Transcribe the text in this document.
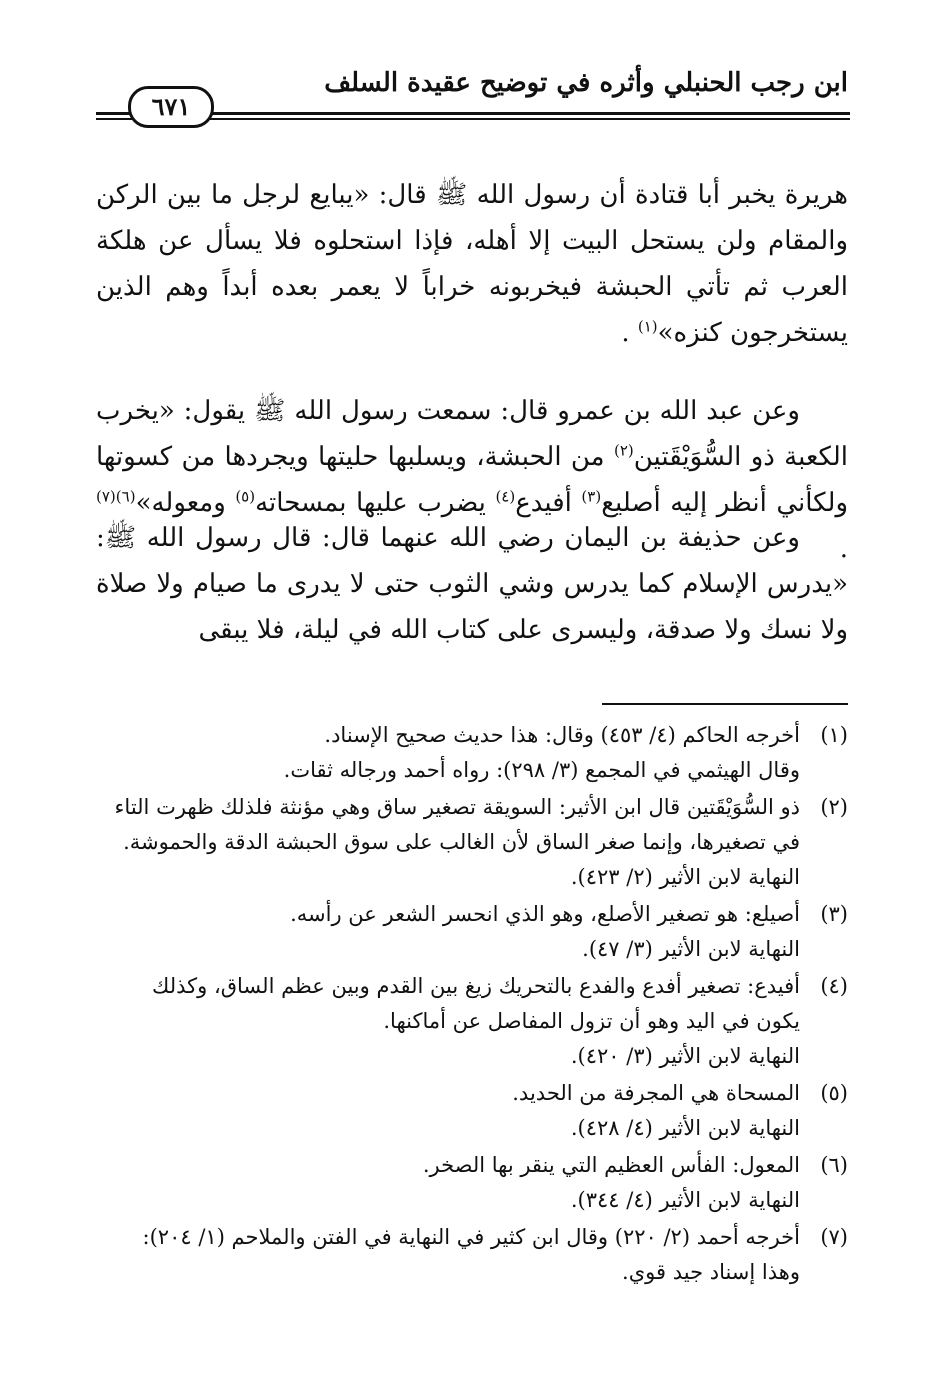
ابن رجب الحنبلي وأثره في توضيح عقيدة السلف
٦٧١
هريرة يخبر أبا قتادة أن رسول الله ﷺ قال: «يبايع لرجل ما بين الركن والمقام ولن يستحل البيت إلا أهله، فإذا استحلوه فلا يسأل عن هلكة العرب ثم تأتي الحبشة فيخربونه خراباً لا يعمر بعده أبداً وهم الذين يستخرجون كنزه»$^{(١)}$ .
وعن عبد الله بن عمرو قال: سمعت رسول الله ﷺ يقول: «يخرب الكعبة ذو السُّوَيْقَتين$^{(٢)}$ من الحبشة، ويسلبها حليتها ويجردها من كسوتها ولكأني أنظر إليه أصليع$^{(٣)}$ أفيدع$^{(٤)}$ يضرب عليها بمسحاته$^{(٥)}$ ومعوله»$^{(٦)(٧)}$ .
وعن حذيفة بن اليمان رضي الله عنهما قال: قال رسول الله ﷺ: «يدرس الإسلام كما يدرس وشي الثوب حتى لا يدرى ما صيام ولا صلاة ولا نسك ولا صدقة، وليسرى على كتاب الله في ليلة، فلا يبقى
(١)
أخرجه الحاكم (٤/ ٤٥٣) وقال: هذا حديث صحيح الإسناد.
وقال الهيثمي في المجمع (٣/ ٢٩٨): رواه أحمد ورجاله ثقات.
(٢)
ذو السُّوَيْقَتين قال ابن الأثير: السويقة تصغير ساق وهي مؤنثة فلذلك ظهرت التاء
في تصغيرها، وإنما صغر الساق لأن الغالب على سوق الحبشة الدقة والحموشة.
النهاية لابن الأثير (٢/ ٤٢٣).
(٣)
أصيلع: هو تصغير الأصلع، وهو الذي انحسر الشعر عن رأسه.
النهاية لابن الأثير (٣/ ٤٧).
(٤)
أفيدع: تصغير أفدع والفدع بالتحريك زيغ بين القدم وبين عظم الساق، وكذلك
يكون في اليد وهو أن تزول المفاصل عن أماكنها.
النهاية لابن الأثير (٣/ ٤٢٠).
(٥)
المسحاة هي المجرفة من الحديد.
النهاية لابن الأثير (٤/ ٤٢٨).
(٦)
المعول: الفأس العظيم التي ينقر بها الصخر.
النهاية لابن الأثير (٤/ ٣٤٤).
(٧)
أخرجه أحمد (٢/ ٢٢٠) وقال ابن كثير في النهاية في الفتن والملاحم (١/ ٢٠٤):
وهذا إسناد جيد قوي.
